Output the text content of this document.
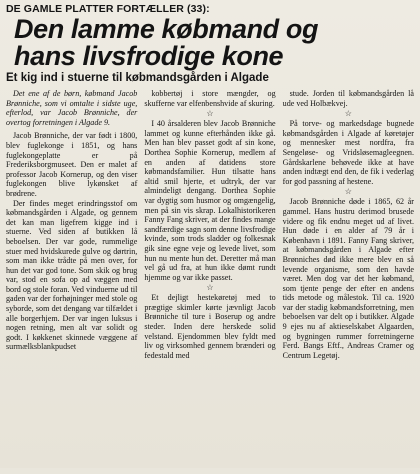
DE GAMLE PLATTER FORTÆLLER (33):
Den lamme købmand og
hans livsfrodige kone
Et kig ind i stuerne til købmandsgården i Algade

Det ene af de børn, købmand Jacob Brønniche, som vi omtalte i sidste uge, efterlod, var Jacob Brønniche, der overtog forretningen i Algade 9.

Jacob Brønniche, der var født i 1800, blev fuglekonge i 1851, og hans fuglekongeplatte er på Frederiksborgmuseet. Den er malet af professor Jacob Kornerup, og den viser fuglekongen blive lykønsket af brødrene.

Der findes meget erindringsstof om købmandsgården i Algade, og gennem det kan man ligefrem kigge ind i stuerne. Ved siden af butikken lå beboelsen. Der var gode, rummelige stuer med hvidskurede gulve og dørtrin, som man ikke trådte på men over, for hun det var god tone. Som skik og brug var, stod en sofa op ad væggen med bord og stole foran. Ved vinduerne ud til gaden var der forhøjninger med stole og syborde, som det dengang var tilfældet i alle borgerhjem. Der var ingen luksus i nogen retning, men alt var solidt og godt. I køkkenet skinnede væggene af surmælksblankpudset

kobbertøj i store mængder, og skufferne var elfenbenshvide af skuring.

☆

I 40 årsalderen blev Jacob Brønniche lammet og kunne efterhånden ikke gå. Men han blev passet godt af sin kone, Dorthea Sophie Kornerup, medlem af en anden af datidens store købmandsfamilier. Hun tilsatte hans altid smil hjerte, et udtryk, der var almindeligt dengang. Dorthea Sophie var dygtig som husmor og omgængelig, men på sin vis skrap. Lokalhistorikeren Fanny Fang skriver, at der findes mange sandfærdige sagn som denne livsfrodige kvinde, som trods sladder og folkesnak gik sine egne veje og levede livet, som hun nu mente hun det. Deretter må man vel gå ud fra, at hun ikke dømt rundt hjemme og var ikke passet.

☆

Et dejligt hestekøretøj med to prægtige skimler kørte jævnligt Jacob Brønniche til ture i Boserup og andre steder. Inden dere herskede solid velstand. Ejendommen blev fyldt med liv og virksomhed gennem brænderi og fedestald med

stude. Jorden til købmandsgården lå ude ved Holbækvej.

☆

På torve- og markedsdage bugnede købmandsgården i Algade af køretøjer og mennesker mest nordfra, fra Sengeløse- og Vridsløsemagleegnen. Gårdskarlene behøvede ikke at have anden indtægt end den, de fik i vederlag for god passning af hestene.

☆

Jacob Brønniche døde i 1865, 62 år gammel. Hans hustru derimod brusede videre og fik endnu meget ud af livet. Hun døde i en alder af 79 år i København i 1891. Fanny Fang skriver, at købmandsgården i Algade efter Brønniches død ikke mere blev en så levende organisme, som den havde været. Men dog var det her købmand, som tjente penge der efter en andens tids metode og målestok. Til ca. 1920 var der stadig købmandsforretning, men beboelsen var delt op i butikker. Algade 9 ejes nu af aktieselskabet Algaarden, og bygningen rummer forretningerne Ferd. Bangs Eftf., Andreas Cramer og Centrum Legetøj.
